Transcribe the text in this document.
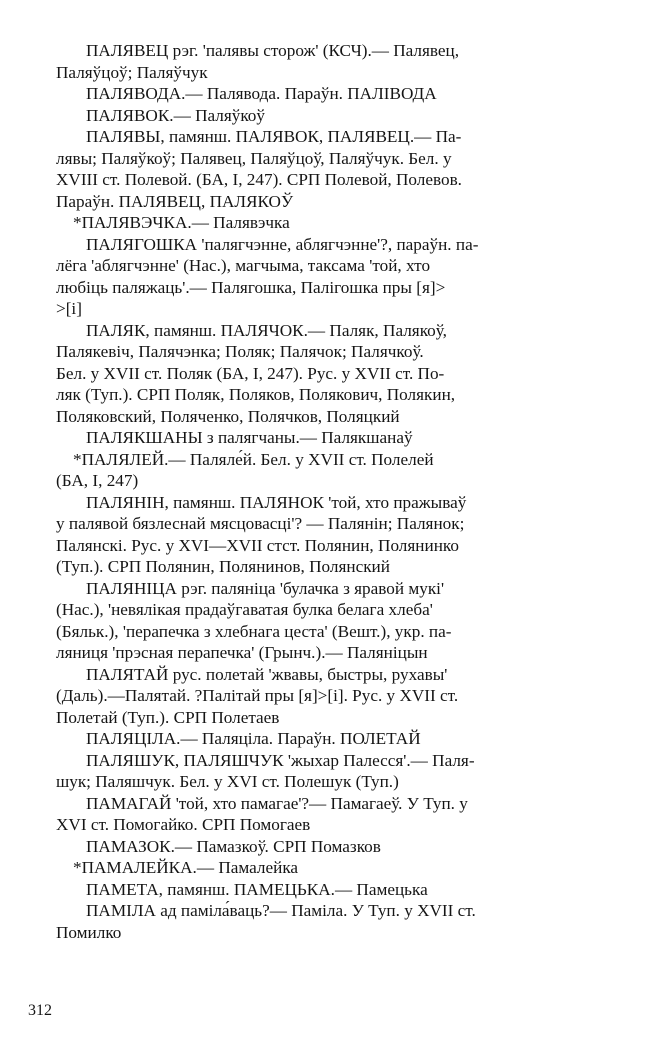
ПАЛЯВЕЦ рэг. 'палявы сторож' (КСЧ).— Палявец,
Паляўцоў; Паляўчук

ПАЛЯВОДА.— Палявода. Параўн. ПАЛІВОДА

ПАЛЯВОК.— Паляўкоў

ПАЛЯВЫ, памянш. ПАЛЯВОК, ПАЛЯВЕЦ.— Па-
лявы; Паляўкоў; Палявец, Паляўцоў, Паляўчук. Бел. у
XVIII ст. Полевой. (БА, I, 247). СРП Полевой, Полевов.
Параўн. ПАЛЯВЕЦ, ПАЛЯКОЎ

*ПАЛЯВЭЧКА.— Палявэчка

ПАЛЯГОШКА 'палягчэнне, аблягчэнне'?, параўн. па-
лёга 'аблягчэнне' (Нас.), магчыма, таксама 'той, хто
любіць паляжаць'.— Палягошка, Палігошка пры [я]>
>[i]

ПАЛЯК, памянш. ПАЛЯЧОК.— Паляк, Палякоў,
Палякевіч, Палячэнка; Поляк; Палячок; Палячкоў.
Бел. у XVII ст. Поляк (БА, I, 247). Рус. у XVII ст. По-
ляк (Туп.). СРП Поляк, Поляков, Полякович, Полякин,
Поляковский, Поляченко, Полячков, Поляцкий

ПАЛЯКШАНЫ з палягчаны.— Палякшанаў

*ПАЛЯЛЕЙ.— Паляле́й. Бел. у XVII ст. Полелей
(БА, I, 247)

ПАЛЯНІН, памянш. ПАЛЯНОК 'той, хто пражываў
у палявой бязлеснай мясцовасці'? — Палянін; Палянок;
Палянскі. Рус. у XVI—XVII стст. Полянин, Полянинко
(Туп.). СРП Полянин, Полянинов, Полянский

ПАЛЯНІЦА рэг. паляніца 'булачка з яравой мукі'
(Нас.), 'невялікая прадаўгаватая булка белага хлеба'
(Бяльк.), 'перапечка з хлебнага цеста' (Вешт.), укр. па-
ляниця 'прэсная перапечка' (Грынч.).— Паляніцын

ПАЛЯТАЙ рус. полетай 'жвавы, быстры, рухавы'
(Даль).—Палятай. ?Палітай пры [я]>[i]. Рус. у XVII ст.
Полетай (Туп.). СРП Полетаев

ПАЛЯЦІЛА.— Паляціла. Параўн. ПОЛЕТАЙ

ПАЛЯШУК, ПАЛЯШЧУК 'жыхар Палесся'.— Паля-
шук; Паляшчук. Бел. у XVI ст. Полешук (Туп.)

ПАМАГАЙ 'той, хто памагае'?— Памагаеў. У Туп. у
XVI ст. Помогайко. СРП Помогаев

ПАМАЗОК.— Памазкоў. СРП Помазков

*ПАМАЛЕЙКА.— Памалейка

ПАМЕТА, памянш. ПАМЕЦЬКА.— Памецька

ПАМІЛА ад паміла́ваць?— Паміла. У Туп. у XVII ст.
Помилко

312
